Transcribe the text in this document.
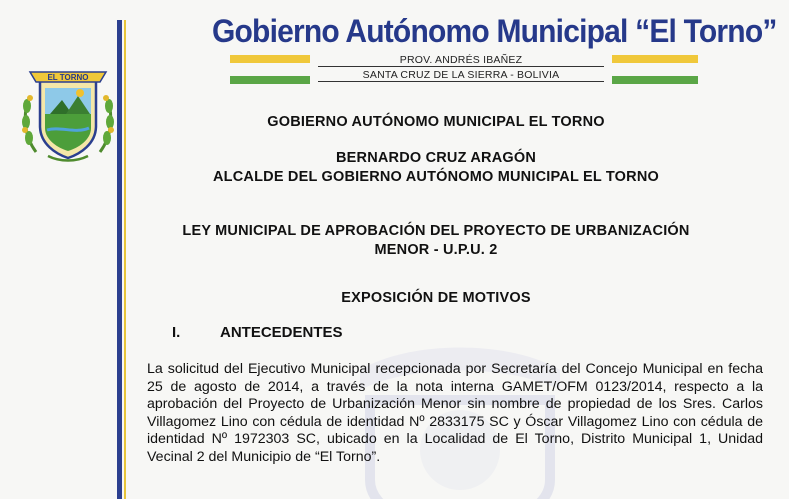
EL TORNO
Gobierno Autónomo Municipal “El Torno”
PROV. ANDRÉS IBAÑEZ
SANTA CRUZ DE LA SIERRA - BOLIVIA
GOBIERNO AUTÓNOMO MUNICIPAL EL TORNO
BERNARDO CRUZ ARAGÓN
ALCALDE DEL GOBIERNO AUTÓNOMO MUNICIPAL EL TORNO
LEY MUNICIPAL DE APROBACIÓN DEL PROYECTO DE URBANIZACIÓN
MENOR - U.P.U. 2
EXPOSICIÓN DE MOTIVOS
I.	ANTECEDENTES
La solicitud del Ejecutivo Municipal recepcionada por Secretaría del Concejo Municipal en fecha 25 de agosto de 2014, a través de la nota interna GAMET/OFM 0123/2014, respecto a la aprobación del Proyecto de Urbanización Menor sin nombre de propiedad de los Sres. Carlos Villagomez Lino con cédula de identidad Nº 2833175 SC y Óscar Villagomez Lino con cédula de identidad Nº 1972303 SC, ubicado en la Localidad de El Torno, Distrito Municipal 1, Unidad Vecinal 2 del Municipio de “El Torno”.
